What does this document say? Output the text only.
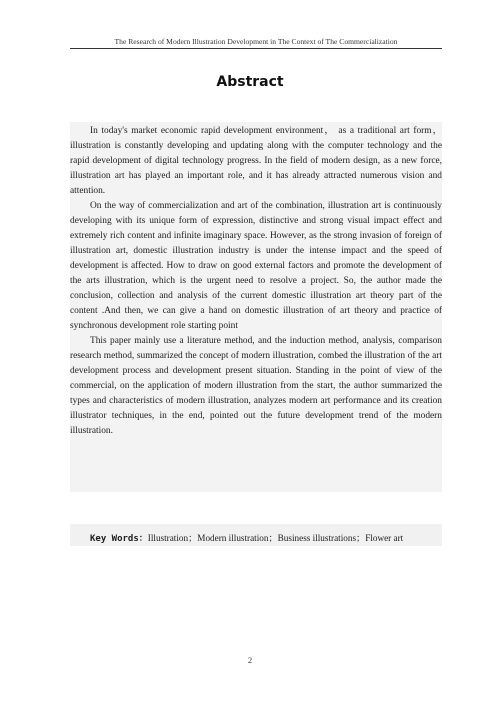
The Research of Modern Illustration Development in The Context of The Commercialization
Abstract

In today's market economic rapid development environment， as a traditional art form，illustration is constantly developing and updating along with the computer technology and the rapid development of digital technology progress. In the field of modern design, as a new force, illustration art has played an important role, and it has already attracted numerous vision and attention.

On the way of commercialization and art of the combination, illustration art is continuously developing with its unique form of expression, distinctive and strong visual impact effect and extremely rich content and infinite imaginary space. However, as the strong invasion of foreign of illustration art, domestic illustration industry is under the intense impact and the speed of development is affected. How to draw on good external factors and promote the development of the arts illustration, which is the urgent need to resolve a project. So, the author made the conclusion, collection and analysis of the current domestic illustration art theory part of the content .And then, we can give a hand on domestic illustration of art theory and practice of synchronous development role starting point

This paper mainly use a literature method, and the induction method, analysis, comparison research method, summarized the concept of modern illustration, combed the illustration of the art development process and development present situation. Standing in the point of view of the commercial, on the application of modern illustration from the start, the author summarized the types and characteristics of modern illustration, analyzes modern art performance and its creation illustrator techniques, in the end, pointed out the future development trend of the modern illustration.

Key Words：Illustration；Modern illustration；Business illustrations；Flower art
2
